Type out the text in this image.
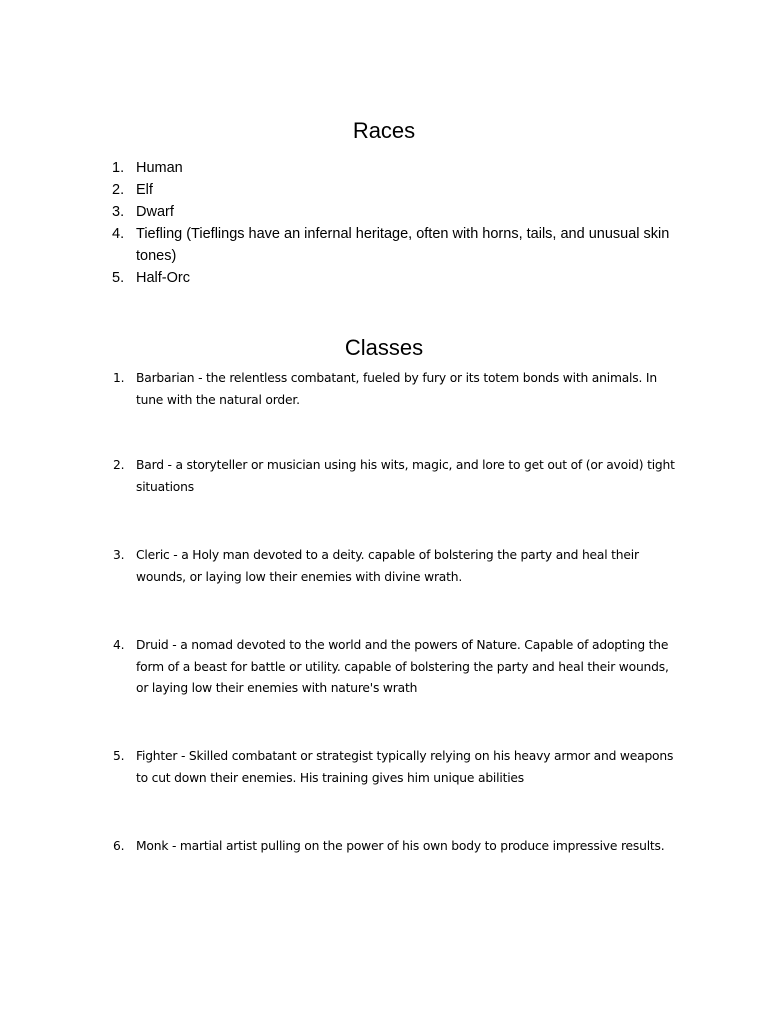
Races
1. Human
2. Elf
3. Dwarf
4. Tiefling (Tieflings have an infernal heritage, often with horns, tails, and unusual skin tones)
5. Half-Orc
Classes
1. Barbarian - the relentless combatant, fueled by fury or its totem bonds with animals. In tune with the natural order.
2. Bard - a storyteller or musician using his wits, magic, and lore to get out of (or avoid) tight situations
3. Cleric - a Holy man devoted to a deity. capable of bolstering the party and heal their wounds, or laying low their enemies with divine wrath.
4. Druid - a nomad devoted to the world and the powers of Nature. Capable of adopting the form of a beast for battle or utility. capable of bolstering the party and heal their wounds, or laying low their enemies with nature's wrath
5. Fighter - Skilled combatant or strategist typically relying on his heavy armor and weapons to cut down their enemies. His training gives him unique abilities
6. Monk - martial artist pulling on the power of his own body to produce impressive results.
